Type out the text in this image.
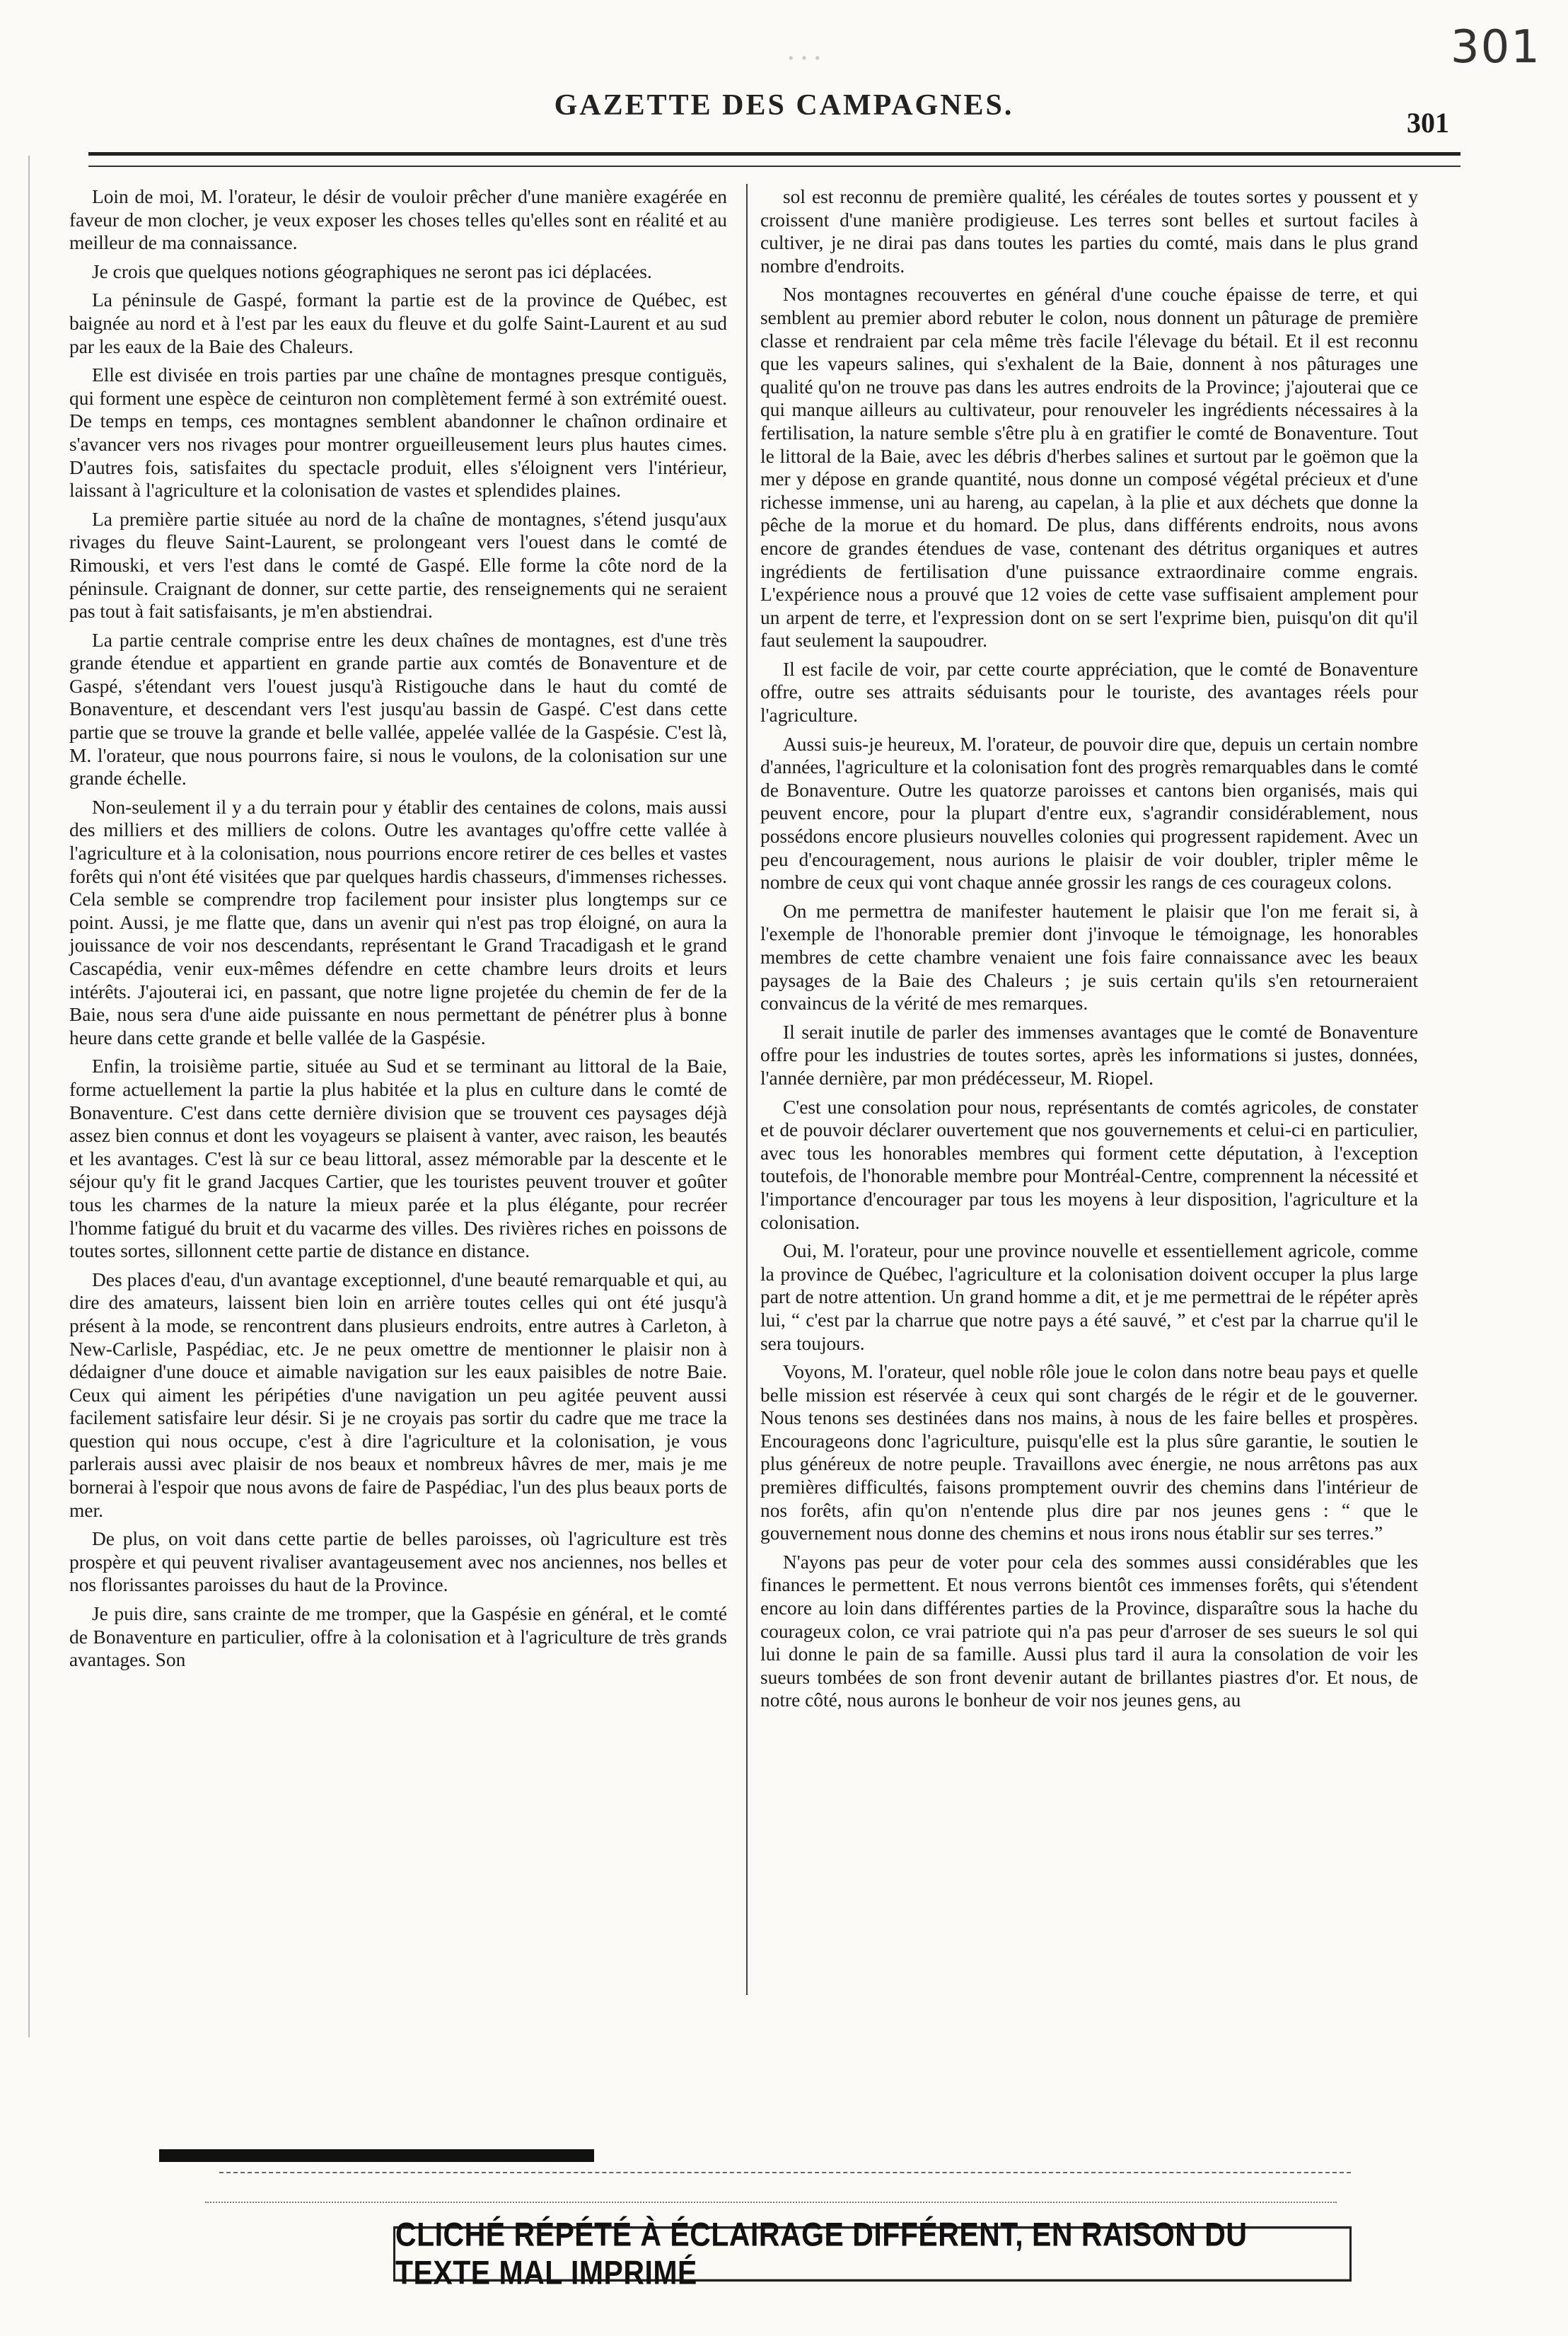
301
...
GAZETTE DES CAMPAGNES.
301

Loin de moi, M. l'orateur, le désir de vouloir prêcher d'une manière exagérée en faveur de mon clocher, je veux exposer les choses telles qu'elles sont en réalité et au meilleur de ma connaissance.

Je crois que quelques notions géographiques ne seront pas ici déplacées.

La péninsule de Gaspé, formant la partie est de la province de Québec, est baignée au nord et à l'est par les eaux du fleuve et du golfe Saint-Laurent et au sud par les eaux de la Baie des Chaleurs.

Elle est divisée en trois parties par une chaîne de montagnes presque contiguës, qui forment une espèce de ceinturon non complètement fermé à son extrémité ouest. De temps en temps, ces montagnes semblent abandonner le chaînon ordinaire et s'avancer vers nos rivages pour montrer orgueilleusement leurs plus hautes cimes. D'autres fois, satisfaites du spectacle produit, elles s'éloignent vers l'intérieur, laissant à l'agriculture et la colonisation de vastes et splendides plaines.

La première partie située au nord de la chaîne de montagnes, s'étend jusqu'aux rivages du fleuve Saint-Laurent, se prolongeant vers l'ouest dans le comté de Rimouski, et vers l'est dans le comté de Gaspé. Elle forme la côte nord de la péninsule. Craignant de donner, sur cette partie, des renseignements qui ne seraient pas tout à fait satisfaisants, je m'en abstiendrai.

La partie centrale comprise entre les deux chaînes de montagnes, est d'une très grande étendue et appartient en grande partie aux comtés de Bonaventure et de Gaspé, s'étendant vers l'ouest jusqu'à Ristigouche dans le haut du comté de Bonaventure, et descendant vers l'est jusqu'au bassin de Gaspé. C'est dans cette partie que se trouve la grande et belle vallée, appelée vallée de la Gaspésie. C'est là, M. l'orateur, que nous pourrons faire, si nous le voulons, de la colonisation sur une grande échelle.

Non-seulement il y a du terrain pour y établir des centaines de colons, mais aussi des milliers et des milliers de colons. Outre les avantages qu'offre cette vallée à l'agriculture et à la colonisation, nous pourrions encore retirer de ces belles et vastes forêts qui n'ont été visitées que par quelques hardis chasseurs, d'immenses richesses. Cela semble se comprendre trop facilement pour insister plus longtemps sur ce point. Aussi, je me flatte que, dans un avenir qui n'est pas trop éloigné, on aura la jouissance de voir nos descendants, représentant le Grand Tracadigash et le grand Cascapédia, venir eux-mêmes défendre en cette chambre leurs droits et leurs intérêts. J'ajouterai ici, en passant, que notre ligne projetée du chemin de fer de la Baie, nous sera d'une aide puissante en nous permettant de pénétrer plus à bonne heure dans cette grande et belle vallée de la Gaspésie.

Enfin, la troisième partie, située au Sud et se terminant au littoral de la Baie, forme actuellement la partie la plus habitée et la plus en culture dans le comté de Bonaventure. C'est dans cette dernière division que se trouvent ces paysages déjà assez bien connus et dont les voyageurs se plaisent à vanter, avec raison, les beautés et les avantages. C'est là sur ce beau littoral, assez mémorable par la descente et le séjour qu'y fit le grand Jacques Cartier, que les touristes peuvent trouver et goûter tous les charmes de la nature la mieux parée et la plus élégante, pour recréer l'homme fatigué du bruit et du vacarme des villes. Des rivières riches en poissons de toutes sortes, sillonnent cette partie de distance en distance.

Des places d'eau, d'un avantage exceptionnel, d'une beauté remarquable et qui, au dire des amateurs, laissent bien loin en arrière toutes celles qui ont été jusqu'à présent à la mode, se rencontrent dans plusieurs endroits, entre autres à Carleton, à New-Carlisle, Paspédiac, etc. Je ne peux omettre de mentionner le plaisir non à dédaigner d'une douce et aimable navigation sur les eaux paisibles de notre Baie. Ceux qui aiment les péripéties d'une navigation un peu agitée peuvent aussi facilement satisfaire leur désir. Si je ne croyais pas sortir du cadre que me trace la question qui nous occupe, c'est à dire l'agriculture et la colonisation, je vous parlerais aussi avec plaisir de nos beaux et nombreux hâvres de mer, mais je me bornerai à l'espoir que nous avons de faire de Paspédiac, l'un des plus beaux ports de mer.

De plus, on voit dans cette partie de belles paroisses, où l'agriculture est très prospère et qui peuvent rivaliser avantageusement avec nos anciennes, nos belles et nos florissantes paroisses du haut de la Province.

Je puis dire, sans crainte de me tromper, que la Gaspésie en général, et le comté de Bonaventure en particulier, offre à la colonisation et à l'agriculture de très grands avantages. Son

sol est reconnu de première qualité, les céréales de toutes sortes y poussent et y croissent d'une manière prodigieuse. Les terres sont belles et surtout faciles à cultiver, je ne dirai pas dans toutes les parties du comté, mais dans le plus grand nombre d'endroits.

Nos montagnes recouvertes en général d'une couche épaisse de terre, et qui semblent au premier abord rebuter le colon, nous donnent un pâturage de première classe et rendraient par cela même très facile l'élevage du bétail. Et il est reconnu que les vapeurs salines, qui s'exhalent de la Baie, donnent à nos pâturages une qualité qu'on ne trouve pas dans les autres endroits de la Province; j'ajouterai que ce qui manque ailleurs au cultivateur, pour renouveler les ingrédients nécessaires à la fertilisation, la nature semble s'être plu à en gratifier le comté de Bonaventure. Tout le littoral de la Baie, avec les débris d'herbes salines et surtout par le goëmon que la mer y dépose en grande quantité, nous donne un composé végétal précieux et d'une richesse immense, uni au hareng, au capelan, à la plie et aux déchets que donne la pêche de la morue et du homard. De plus, dans différents endroits, nous avons encore de grandes étendues de vase, contenant des détritus organiques et autres ingrédients de fertilisation d'une puissance extraordinaire comme engrais. L'expérience nous a prouvé que 12 voies de cette vase suffisaient amplement pour un arpent de terre, et l'expression dont on se sert l'exprime bien, puisqu'on dit qu'il faut seulement la saupoudrer.

Il est facile de voir, par cette courte appréciation, que le comté de Bonaventure offre, outre ses attraits séduisants pour le touriste, des avantages réels pour l'agriculture.

Aussi suis-je heureux, M. l'orateur, de pouvoir dire que, depuis un certain nombre d'années, l'agriculture et la colonisation font des progrès remarquables dans le comté de Bonaventure. Outre les quatorze paroisses et cantons bien organisés, mais qui peuvent encore, pour la plupart d'entre eux, s'agrandir considérablement, nous possédons encore plusieurs nouvelles colonies qui progressent rapidement. Avec un peu d'encouragement, nous aurions le plaisir de voir doubler, tripler même le nombre de ceux qui vont chaque année grossir les rangs de ces courageux colons.

On me permettra de manifester hautement le plaisir que l'on me ferait si, à l'exemple de l'honorable premier dont j'invoque le témoignage, les honorables membres de cette chambre venaient une fois faire connaissance avec les beaux paysages de la Baie des Chaleurs ; je suis certain qu'ils s'en retourneraient convaincus de la vérité de mes remarques.

Il serait inutile de parler des immenses avantages que le comté de Bonaventure offre pour les industries de toutes sortes, après les informations si justes, données, l'année dernière, par mon prédécesseur, M. Riopel.

C'est une consolation pour nous, représentants de comtés agricoles, de constater et de pouvoir déclarer ouvertement que nos gouvernements et celui-ci en particulier, avec tous les honorables membres qui forment cette députation, à l'exception toutefois, de l'honorable membre pour Montréal-Centre, comprennent la nécessité et l'importance d'encourager par tous les moyens à leur disposition, l'agriculture et la colonisation.

Oui, M. l'orateur, pour une province nouvelle et essentiellement agricole, comme la province de Québec, l'agriculture et la colonisation doivent occuper la plus large part de notre attention. Un grand homme a dit, et je me permettrai de le répéter après lui, “ c'est par la charrue que notre pays a été sauvé, ” et c'est par la charrue qu'il le sera toujours.

Voyons, M. l'orateur, quel noble rôle joue le colon dans notre beau pays et quelle belle mission est réservée à ceux qui sont chargés de le régir et de le gouverner. Nous tenons ses destinées dans nos mains, à nous de les faire belles et prospères. Encourageons donc l'agriculture, puisqu'elle est la plus sûre garantie, le soutien le plus généreux de notre peuple. Travaillons avec énergie, ne nous arrêtons pas aux premières difficultés, faisons promptement ouvrir des chemins dans l'intérieur de nos forêts, afin qu'on n'entende plus dire par nos jeunes gens : “ que le gouvernement nous donne des chemins et nous irons nous établir sur ses terres.”

N'ayons pas peur de voter pour cela des sommes aussi considérables que les finances le permettent. Et nous verrons bientôt ces immenses forêts, qui s'étendent encore au loin dans différentes parties de la Province, disparaître sous la hache du courageux colon, ce vrai patriote qui n'a pas peur d'arroser de ses sueurs le sol qui lui donne le pain de sa famille. Aussi plus tard il aura la consolation de voir les sueurs tombées de son front devenir autant de brillantes piastres d'or. Et nous, de notre côté, nous aurons le bonheur de voir nos jeunes gens, au

CLICHÉ RÉPÉTÉ À ÉCLAIRAGE DIFFÉRENT, EN RAISON DU TEXTE MAL IMPRIMÉ
